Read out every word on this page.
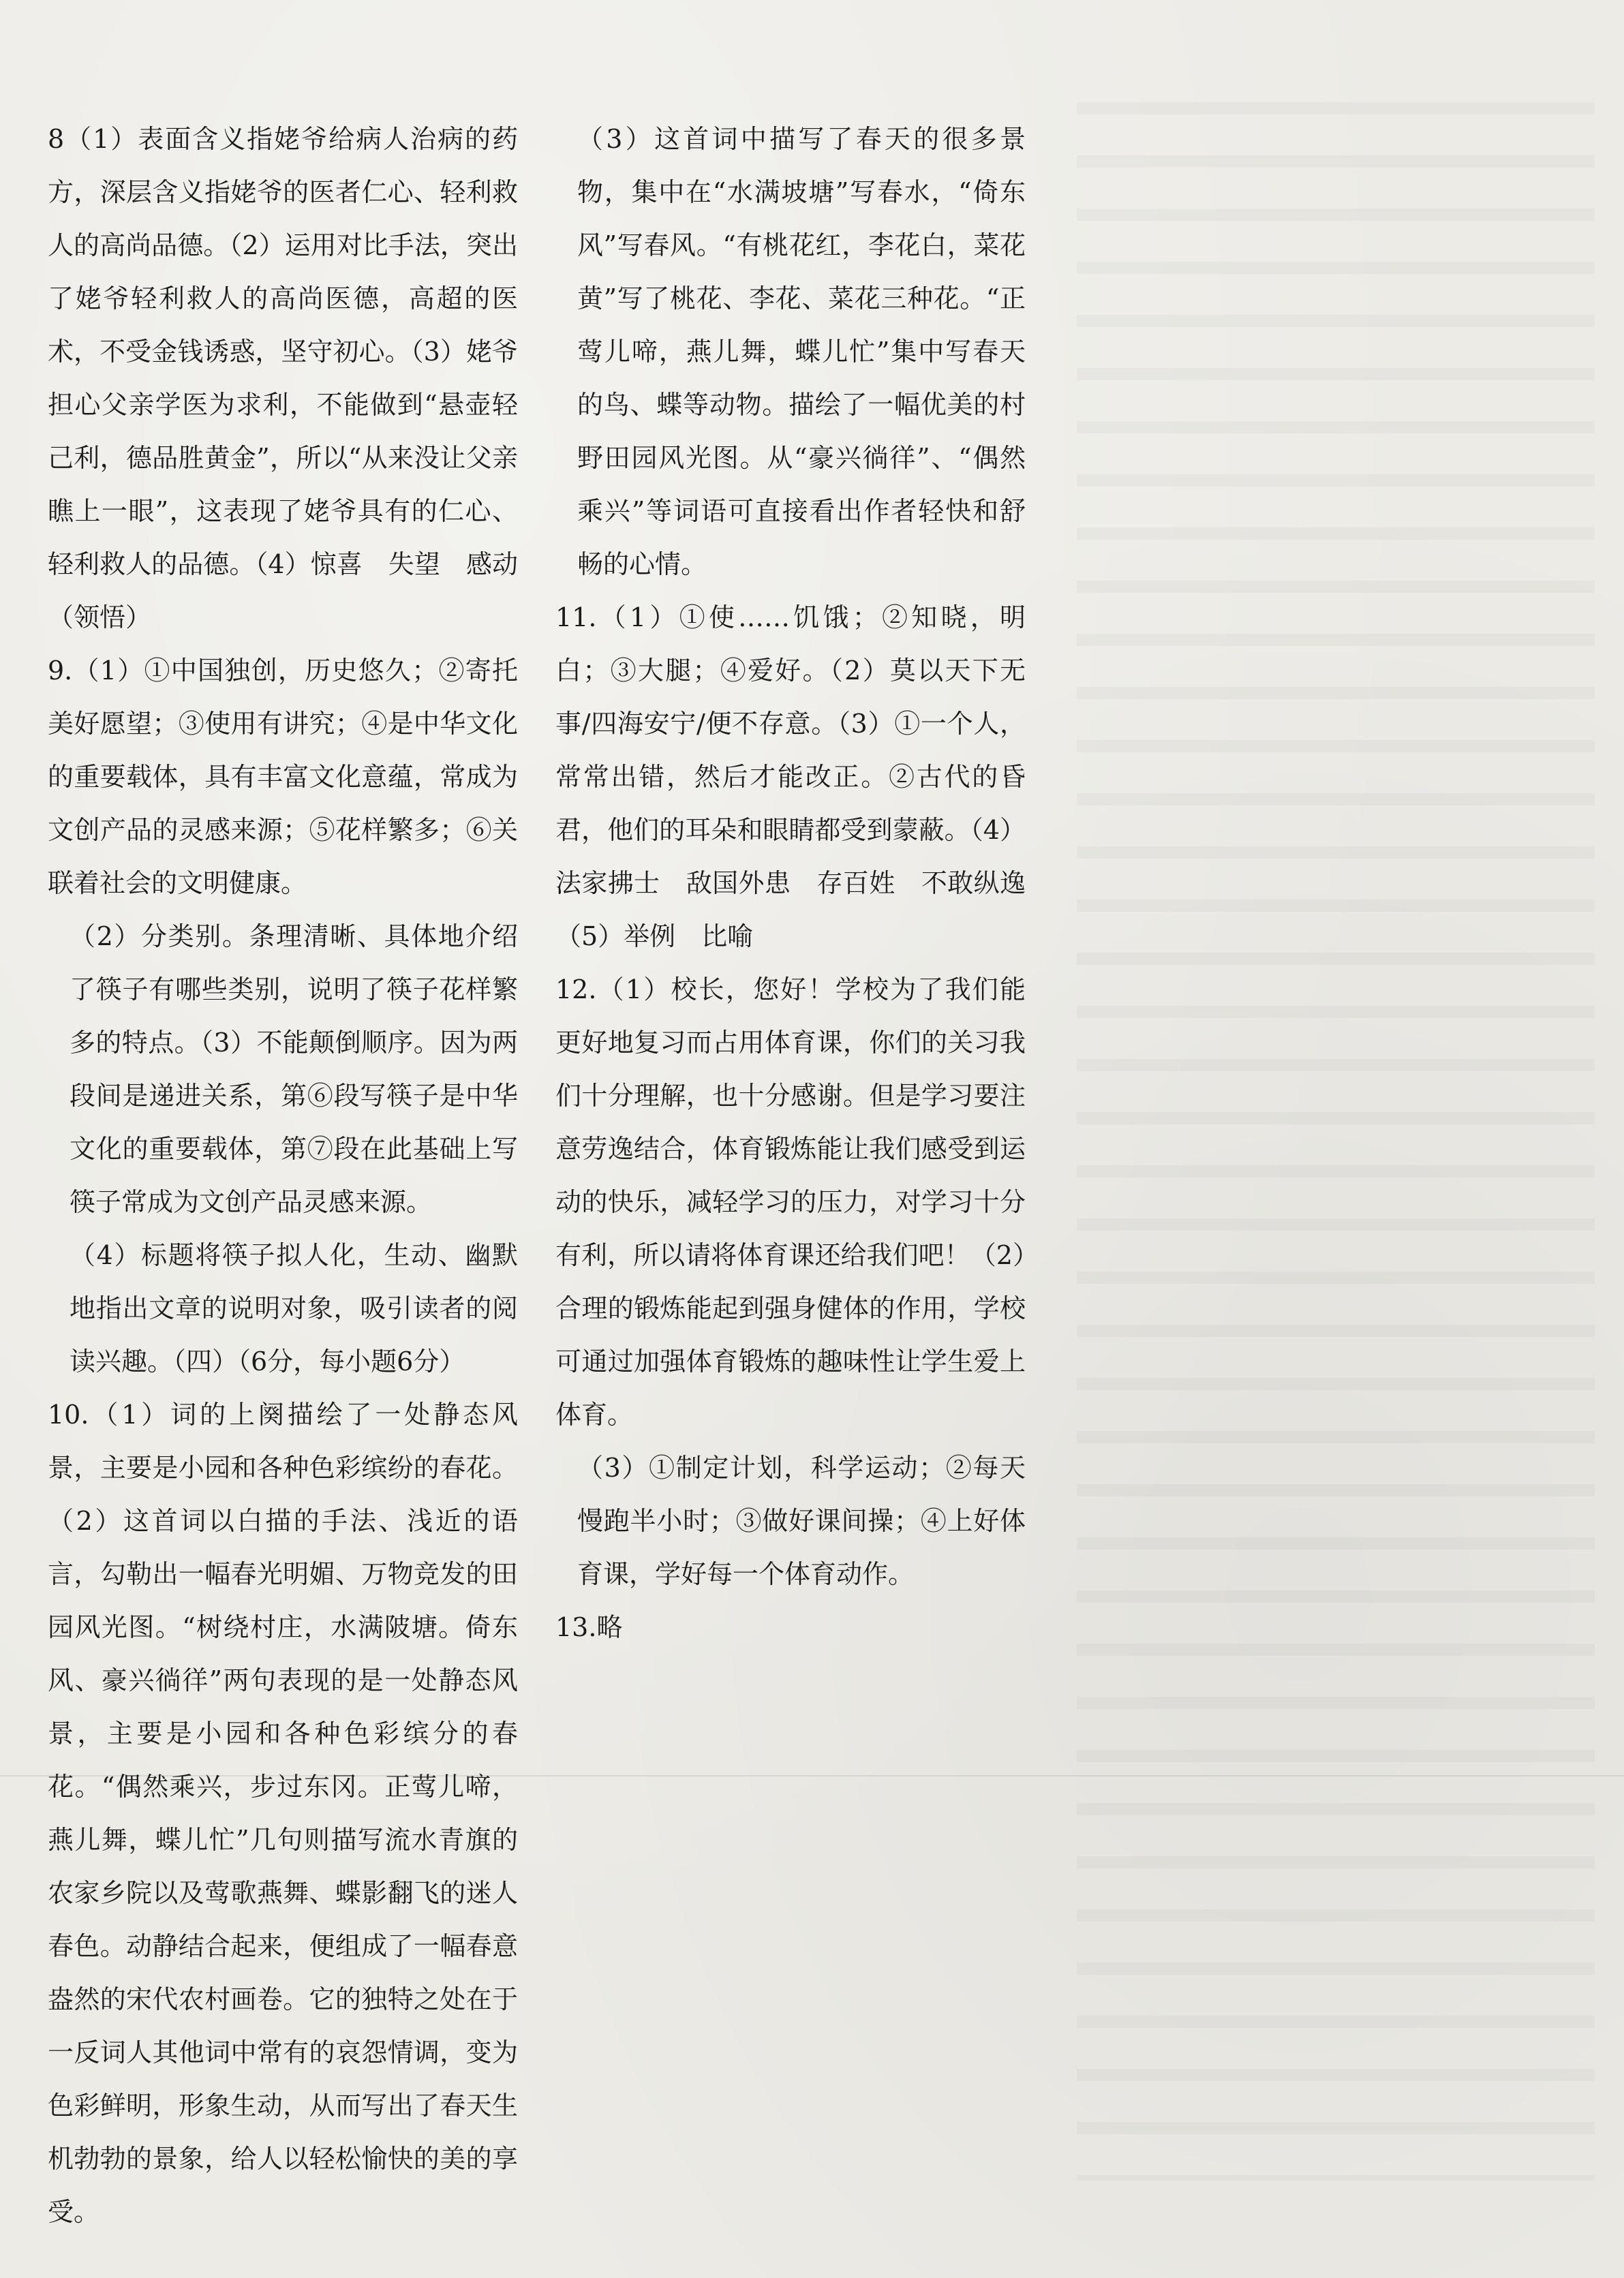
8（1）表面含义指姥爷给病人治病的药方，深层含义指姥爷的医者仁心、轻利救人的高尚品德。（2）运用对比手法，突出了姥爷轻利救人的高尚医德，高超的医术，不受金钱诱惑，坚守初心。（3）姥爷担心父亲学医为求利，不能做到“悬壶轻己利，德品胜黄金”，所以“从来没让父亲瞧上一眼”，这表现了姥爷具有的仁心、轻利救人的品德。（4）惊喜　失望　感动（领悟）

9.（1）①中国独创，历史悠久；②寄托美好愿望；③使用有讲究；④是中华文化的重要载体，具有丰富文化意蕴，常成为文创产品的灵感来源；⑤花样繁多；⑥关联着社会的文明健康。

（2）分类别。条理清晰、具体地介绍了筷子有哪些类别，说明了筷子花样繁多的特点。（3）不能颠倒顺序。因为两段间是递进关系，第⑥段写筷子是中华文化的重要载体，第⑦段在此基础上写筷子常成为文创产品灵感来源。

（4）标题将筷子拟人化，生动、幽默地指出文章的说明对象，吸引读者的阅读兴趣。（四）（6分，每小题6分）

10.（1）词的上阕描绘了一处静态风景，主要是小园和各种色彩缤纷的春花。（2）这首词以白描的手法、浅近的语言，勾勒出一幅春光明媚、万物竞发的田园风光图。“树绕村庄，水满陂塘。倚东风、豪兴徜徉”两句表现的是一处静态风景，主要是小园和各种色彩缤分的春花。“偶然乘兴，步过东冈。正莺儿啼，燕儿舞，蝶儿忙”几句则描写流水青旗的农家乡院以及莺歌燕舞、蝶影翻飞的迷人春色。动静结合起来，便组成了一幅春意盎然的宋代农村画卷。它的独特之处在于一反词人其他词中常有的哀怨情调，变为色彩鲜明，形象生动，从而写出了春天生机勃勃的景象，给人以轻松愉快的美的享受。

（3）这首词中描写了春天的很多景物，集中在“水满坡塘”写春水，“倚东风”写春风。“有桃花红，李花白，菜花黄”写了桃花、李花、菜花三种花。“正莺儿啼，燕儿舞，蝶儿忙”集中写春天的鸟、蝶等动物。描绘了一幅优美的村野田园风光图。从“豪兴徜徉”、“偶然乘兴”等词语可直接看出作者轻快和舒畅的心情。

11.（1）①使……饥饿；②知晓，明白；③大腿；④爱好。（2）莫以天下无事/四海安宁/便不存意。（3）①一个人，常常出错，然后才能改正。②古代的昏君，他们的耳朵和眼睛都受到蒙蔽。（4）法家拂士　敌国外患　存百姓　不敢纵逸（5）举例　比喻

12.（1）校长，您好！学校为了我们能更好地复习而占用体育课，你们的关习我们十分理解，也十分感谢。但是学习要注意劳逸结合，体育锻炼能让我们感受到运动的快乐，减轻学习的压力，对学习十分有利，所以请将体育课还给我们吧！（2）合理的锻炼能起到强身健体的作用，学校可通过加强体育锻炼的趣味性让学生爱上体育。

（3）①制定计划，科学运动；②每天慢跑半小时；③做好课间操；④上好体育课，学好每一个体育动作。

13.略
